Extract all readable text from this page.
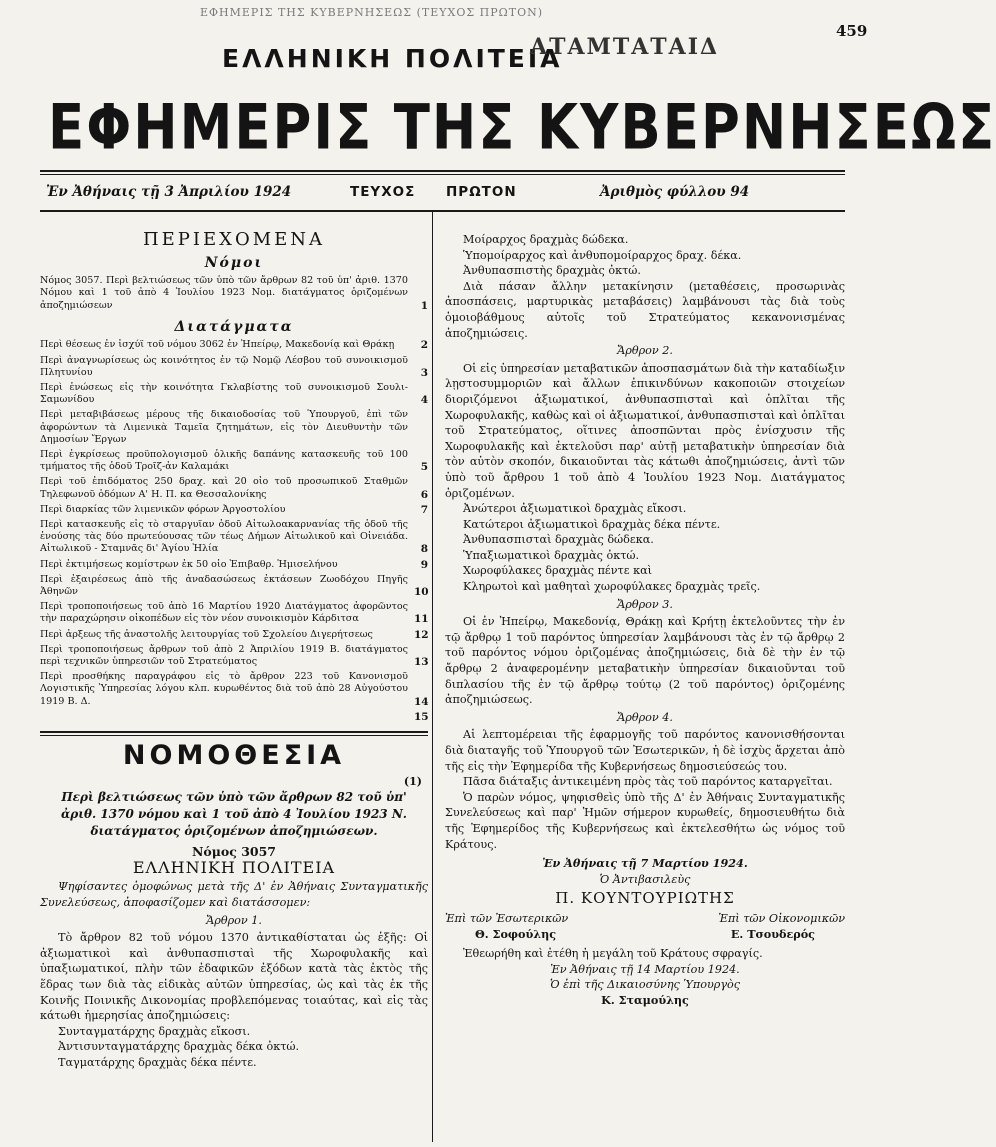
ΕΦΗΜΕΡΙΣ ΤΗΣ ΚΥΒΕΡΝΗΣΕΩΣ (ΤΕΥΧΟΣ ΠΡΩΤΟΝ)
459
ΕΛΛΗΝΙΚΗ ΠΟΛΙΤΕΙΑ
ΑΤΑΜΤΑΤΑΙΔ
ΕΦΗΜΕΡΙΣ ΤΗΣ ΚΥΒΕΡΝΗΣΕΩΣ
Ἐν Ἀθήναις τῇ 3 Ἀπριλίου 1924	ΤΕΥΧΟΣ ΠΡΩΤΟΝ	Ἀριθμὸς φύλλου 94
ΠΕΡΙΕΧΟΜΕΝΑ
Νόμοι
Νόμος 3057. Περὶ βελτιώσεως τῶν ὑπὸ τῶν ἄρθρων 82 τοῦ ὑπ' ἀριθ. 1370 Νόμου καὶ 1 τοῦ ἀπὸ 4 Ἰουλίου 1923 Νομ. διατάγματος ὁριζομένων ἀποζημιώσεων	1
Διατάγματα
Περὶ θέσεως ἐν ἰσχύϊ τοῦ νόμου 3062 ἐν Ἠπείρῳ, Μακεδονίᾳ καὶ Θράκῃ	2
Περὶ ἀναγνωρίσεως ὡς κοινότητος ἐν τῷ Νομῷ Λέσβου τοῦ συνοικισμοῦ Πλητυνίου	3
Περὶ ἑνώσεως εἰς τὴν κοινότητα Γκλαβίστης τοῦ συνοικισμοῦ Σουλι-Σαμωνίδου	4
Περὶ μεταβιβάσεως μέρους τῆς δικαιοδοσίας τοῦ Ὑπουργοῦ, ἐπὶ τῶν ἀφορώντων τὰ Λιμενικὰ Ταμεῖα ζητημάτων, εἰς τὸν Διευθυντὴν τῶν Δημοσίων Ἔργων
Περὶ ἐγκρίσεως προϋπολογισμοῦ ὁλικῆς δαπάνης κατασκευῆς τοῦ 100 τμήματος τῆς ὁδοῦ Τροῖζ-ἀν Καλαμάκι	5
Περὶ τοῦ ἐπιδόματος 250 δραχ. καὶ 20 οἰο τοῦ προσωπικοῦ Σταθμῶν Τηλεφωνοῦ ὁδόμων Α' Η. Π. κα Θεσσαλονίκης	6
Περὶ διαρκίας τῶν λιμενικῶν φόρων Ἀργοστολίου	7
Περὶ κατασκευῆς εἰς τὸ σταργυῖαν ὁδοῦ Αἰτωλοακαρνανίας τῆς ὁδοῦ τῆς ἑνούσης τὰς δύο πρωτεύουσας τῶν τέως Δήμων Αἰτωλικοῦ καὶ Οἰνειάδα. Αἰτωλικοῦ - Σταμνᾶς δι' Ἁγίου Ἠλία	8
Περὶ ἐκτιμήσεως κομίστρων ἐκ 50 οἰο Ἐπιβαθρ. Ἡμισελήνου	9
Περὶ ἐξαιρέσεως ἀπὸ τῆς ἀναδασώσεως ἐκτάσεων Ζωοδόχου Πηγῆς Ἀθηνῶν	10
Περὶ τροποποιήσεως τοῦ ἀπὸ 16 Μαρτίου 1920 Διατάγματος ἀφορῶντος τὴν παραχώρησιν οἰκοπέδων εἰς τὸν νέον συνοικισμὸν Κάρδιτσα	11
Περὶ ἀρξεως τῆς ἀναστολῆς λειτουργίας τοῦ Σχολείου Διγερήτσεως	12
Περὶ τροποποιήσεως ἄρθρων τοῦ ἀπὸ 2 Ἀπριλίου 1919 Β. διατάγματος περὶ τεχνικῶν ὑπηρεσιῶν τοῦ Στρατεύματος	13
Περὶ προσθήκης παραγράφου εἰς τὸ ἄρθρον 223 τοῦ Κανονισμοῦ Λογιστικῆς Ὑπηρεσίας λόγου κλπ. κυρωθέντος διὰ τοῦ ἀπὸ 28 Αὐγούστου 1919 Β. Δ.	14
15
ΝΟΜΟΘΕΣΙΑ
(1)
Περὶ βελτιώσεως τῶν ὑπὸ τῶν ἄρθρων 82 τοῦ ὑπ' ἀριθ. 1370 νόμου καὶ 1 τοῦ ἀπὸ 4 Ἰουλίου 1923 Ν. διατάγματος ὁριζομένων ἀποζημιώσεων.
Νόμος 3057
ΕΛΛΗΝΙΚΗ ΠΟΛΙΤΕΙΑ

Ψηφίσαντες ὁμοφώνως μετὰ τῆς Δ' ἐν Ἀθήναις Συνταγματικῆς Συνελεύσεως, ἀποφασίζομεν καὶ διατάσσομεν:

Ἄρθρον 1.

Τὸ ἄρθρον 82 τοῦ νόμου 1370 ἀντικαθίσταται ὡς ἑξῆς: Οἱ ἀξιωματικοὶ καὶ ἀνθυπασπισταὶ τῆς Χωροφυλακῆς καὶ ὑπαξιωματικοί, πλὴν τῶν ἐδαφικῶν ἐξόδων κατὰ τὰς ἐκτὸς τῆς ἕδρας των διὰ τὰς εἰδικὰς αὐτῶν ὑπηρεσίας, ὡς καὶ τὰς ἐκ τῆς Κοινῆς Ποινικῆς Δικονομίας προβλεπόμενας τοιαύτας, καὶ εἰς τὰς κάτωθι ἡμερησίας ἀποζημιώσεις:

Συνταγματάρχης δραχμὰς εἴκοσι.

Ἀντισυνταγματάρχης δραχμὰς δέκα ὀκτώ.

Ταγματάρχης δραχμὰς δέκα πέντε.

Μοίραρχος δραχμὰς δώδεκα.

Ὑπομοίραρχος καὶ ἀνθυπομοίραρχος δραχ. δέκα.

Ἀνθυπασπιστὴς δραχμὰς ὀκτώ.

Διὰ πάσαν ἄλλην μετακίνησιν (μεταθέσεις, προσωρινὰς ἀποσπάσεις, μαρτυρικὰς μεταβάσεις) λαμβάνουσι τὰς διὰ τοὺς ὁμοιοβάθμους αὐτοῖς τοῦ Στρατεύματος κεκανονισμένας ἀποζημιώσεις.

Ἄρθρον 2.

Οἱ εἰς ὑπηρεσίαν μεταβατικῶν ἀποσπασμάτων διὰ τὴν καταδίωξιν λῃστοσυμμοριῶν καὶ ἄλλων ἐπικινδύνων κακοποιῶν στοιχείων διοριζόμενοι ἀξιωματικοί, ἀνθυπασπισταὶ καὶ ὁπλῖται τῆς Χωροφυλακῆς, καθὼς καὶ οἱ ἀξιωματικοί, ἀνθυπασπισταὶ καὶ ὁπλῖται τοῦ Στρατεύματος, οἵτινες ἀποσπῶνται πρὸς ἐνίσχυσιν τῆς Χωροφυλακῆς καὶ ἐκτελοῦσι παρ' αὐτῇ μεταβατικὴν ὑπηρεσίαν διὰ τὸν αὐτὸν σκοπόν, δικαιοῦνται τὰς κάτωθι ἀποζημιώσεις, ἀντὶ τῶν ὑπὸ τοῦ ἄρθρου 1 τοῦ ἀπὸ 4 Ἰουλίου 1923 Νομ. Διατάγματος ὁριζομένων.

Ἀνώτεροι ἀξιωματικοὶ δραχμὰς εἴκοσι.

Κατώτεροι ἀξιωματικοὶ δραχμὰς δέκα πέντε.

Ἀνθυπασπισταὶ δραχμὰς δώδεκα.

Ὑπαξιωματικοὶ δραχμὰς ὀκτώ.

Χωροφύλακες δραχμὰς πέντε καὶ

Κληρωτοὶ καὶ μαθηταὶ χωροφύλακες δραχμὰς τρεῖς.

Ἄρθρον 3.

Οἱ ἐν Ἠπείρῳ, Μακεδονίᾳ, Θράκῃ καὶ Κρήτῃ ἐκτελοῦντες τὴν ἐν τῷ ἄρθρῳ 1 τοῦ παρόντος ὑπηρεσίαν λαμβάνουσι τὰς ἐν τῷ ἄρθρῳ 2 τοῦ παρόντος νόμου ὁριζομένας ἀποζημιώσεις, διὰ δὲ τὴν ἐν τῷ ἄρθρῳ 2 ἀναφερομένην μεταβατικὴν ὑπηρεσίαν δικαιοῦνται τοῦ διπλασίου τῆς ἐν τῷ ἄρθρῳ τούτῳ (2 τοῦ παρόντος) ὁριζομένης ἀποζημιώσεως.

Ἄρθρον 4.

Αἱ λεπτομέρειαι τῆς ἐφαρμογῆς τοῦ παρόντος κανονισθήσονται διὰ διαταγῆς τοῦ Ὑπουργοῦ τῶν Ἐσωτερικῶν, ἡ δὲ ἰσχὺς ἄρχεται ἀπὸ τῆς εἰς τὴν Ἐφημερίδα τῆς Κυβερνήσεως δημοσιεύσεώς του.

Πᾶσα διάταξις ἀντικειμένη πρὸς τὰς τοῦ παρόντος καταργεῖται.

Ὁ παρὼν νόμος, ψηφισθεὶς ὑπὸ τῆς Δ' ἐν Ἀθήναις Συνταγματικῆς Συνελεύσεως καὶ παρ' Ἡμῶν σήμερον κυρωθείς, δημοσιευθήτω διὰ τῆς Ἐφημερίδος τῆς Κυβερνήσεως καὶ ἐκτελεσθήτω ὡς νόμος τοῦ Κράτους.

Ἐν Ἀθήναις τῇ 7 Μαρτίου 1924.
Ὁ Ἀντιβασιλεὺς
Π. ΚΟΥΝΤΟΥΡΙΩΤΗΣ
Ἐπὶ τῶν Ἐσωτερικῶν	Ἐπὶ τῶν Οἰκονομικῶν
Θ. Σοφούλης	Ε. Τσουδερός

Ἐθεωρήθη καὶ ἐτέθη ἡ μεγάλη τοῦ Κράτους σφραγίς.

Ἐν Ἀθήναις τῇ 14 Μαρτίου 1924.
Ὁ ἐπὶ τῆς Δικαιοσύνης Ὑπουργὸς
Κ. Σταμούλης
